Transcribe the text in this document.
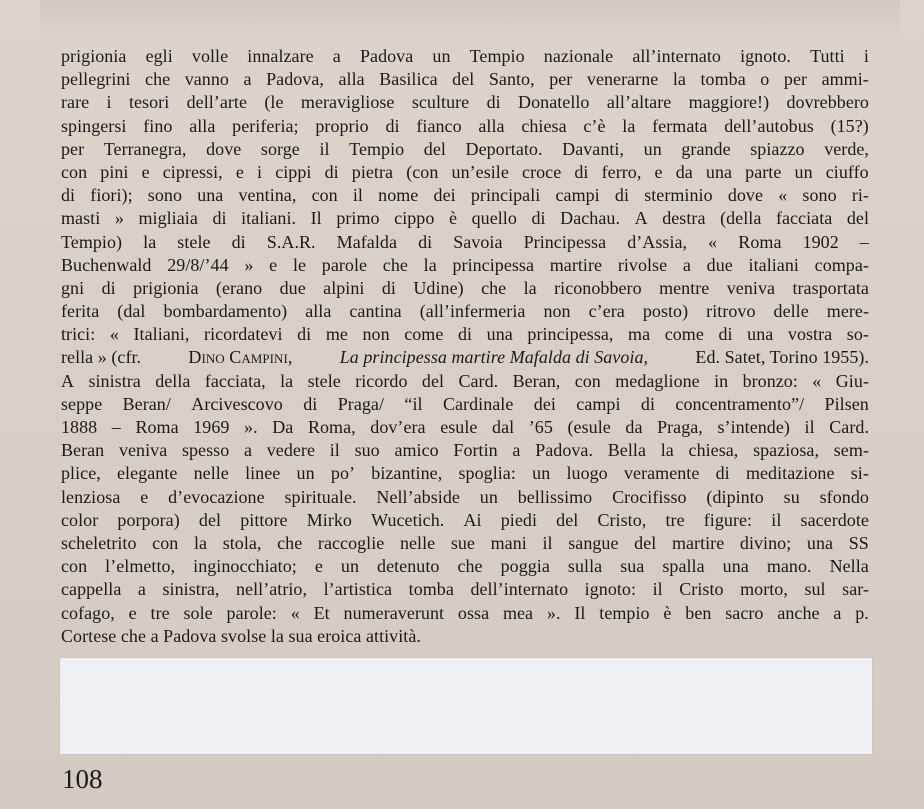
prigionia egli volle innalzare a Padova un Tempio nazionale all’internato ignoto. Tutti i
pellegrini che vanno a Padova, alla Basilica del Santo, per venerarne la tomba o per ammi-
rare i tesori dell’arte (le meravigliose sculture di Donatello all’altare maggiore!) dovrebbero
spingersi fino alla periferia; proprio di fianco alla chiesa c’è la fermata dell’autobus (15?)
per Terranegra, dove sorge il Tempio del Deportato. Davanti, un grande spiazzo verde,
con pini e cipressi, e i cippi di pietra (con un’esile croce di ferro, e da una parte un ciuffo
di fiori); sono una ventina, con il nome dei principali campi di sterminio dove « sono ri-
masti » migliaia di italiani. Il primo cippo è quello di Dachau. A destra (della facciata del
Tempio) la stele di S.A.R. Mafalda di Savoia Principessa d’Assia, « Roma 1902 –
Buchenwald 29/8/’44 » e le parole che la principessa martire rivolse a due italiani compa-
gni di prigionia (erano due alpini di Udine) che la riconobbero mentre veniva trasportata
ferita (dal bombardamento) alla cantina (all’infermeria non c’era posto) ritrovo delle mere-
trici: « Italiani, ricordatevi di me non come di una principessa, ma come di una vostra so-
rella » (cfr.	Dino Campini,	La principessa martire Mafalda di Savoia,	Ed. Satet, Torino 1955).
A sinistra della facciata, la stele ricordo del Card. Beran, con medaglione in bronzo: « Giu-
seppe Beran/ Arcivescovo di Praga/ “il Cardinale dei campi di concentramento”/ Pilsen
1888 – Roma 1969 ». Da Roma, dov’era esule dal ’65 (esule da Praga, s’intende) il Card.
Beran veniva spesso a vedere il suo amico Fortin a Padova. Bella la chiesa, spaziosa, sem-
plice, elegante nelle linee un po’ bizantine, spoglia: un luogo veramente di meditazione si-
lenziosa e d’evocazione spirituale. Nell’abside un bellissimo Crocifisso (dipinto su sfondo
color porpora) del pittore Mirko Wucetich. Ai piedi del Cristo, tre figure: il sacerdote
scheletrito con la stola, che raccoglie nelle sue mani il sangue del martire divino; una SS
con l’elmetto, inginocchiato; e un detenuto che poggia sulla sua spalla una mano. Nella
cappella a sinistra, nell’atrio, l’artistica tomba dell’internato ignoto: il Cristo morto, sul sar-
cofago, e tre sole parole: « Et numeraverunt ossa mea ». Il tempio è ben sacro anche a p.
Cortese che a Padova svolse la sua eroica attività.
108
